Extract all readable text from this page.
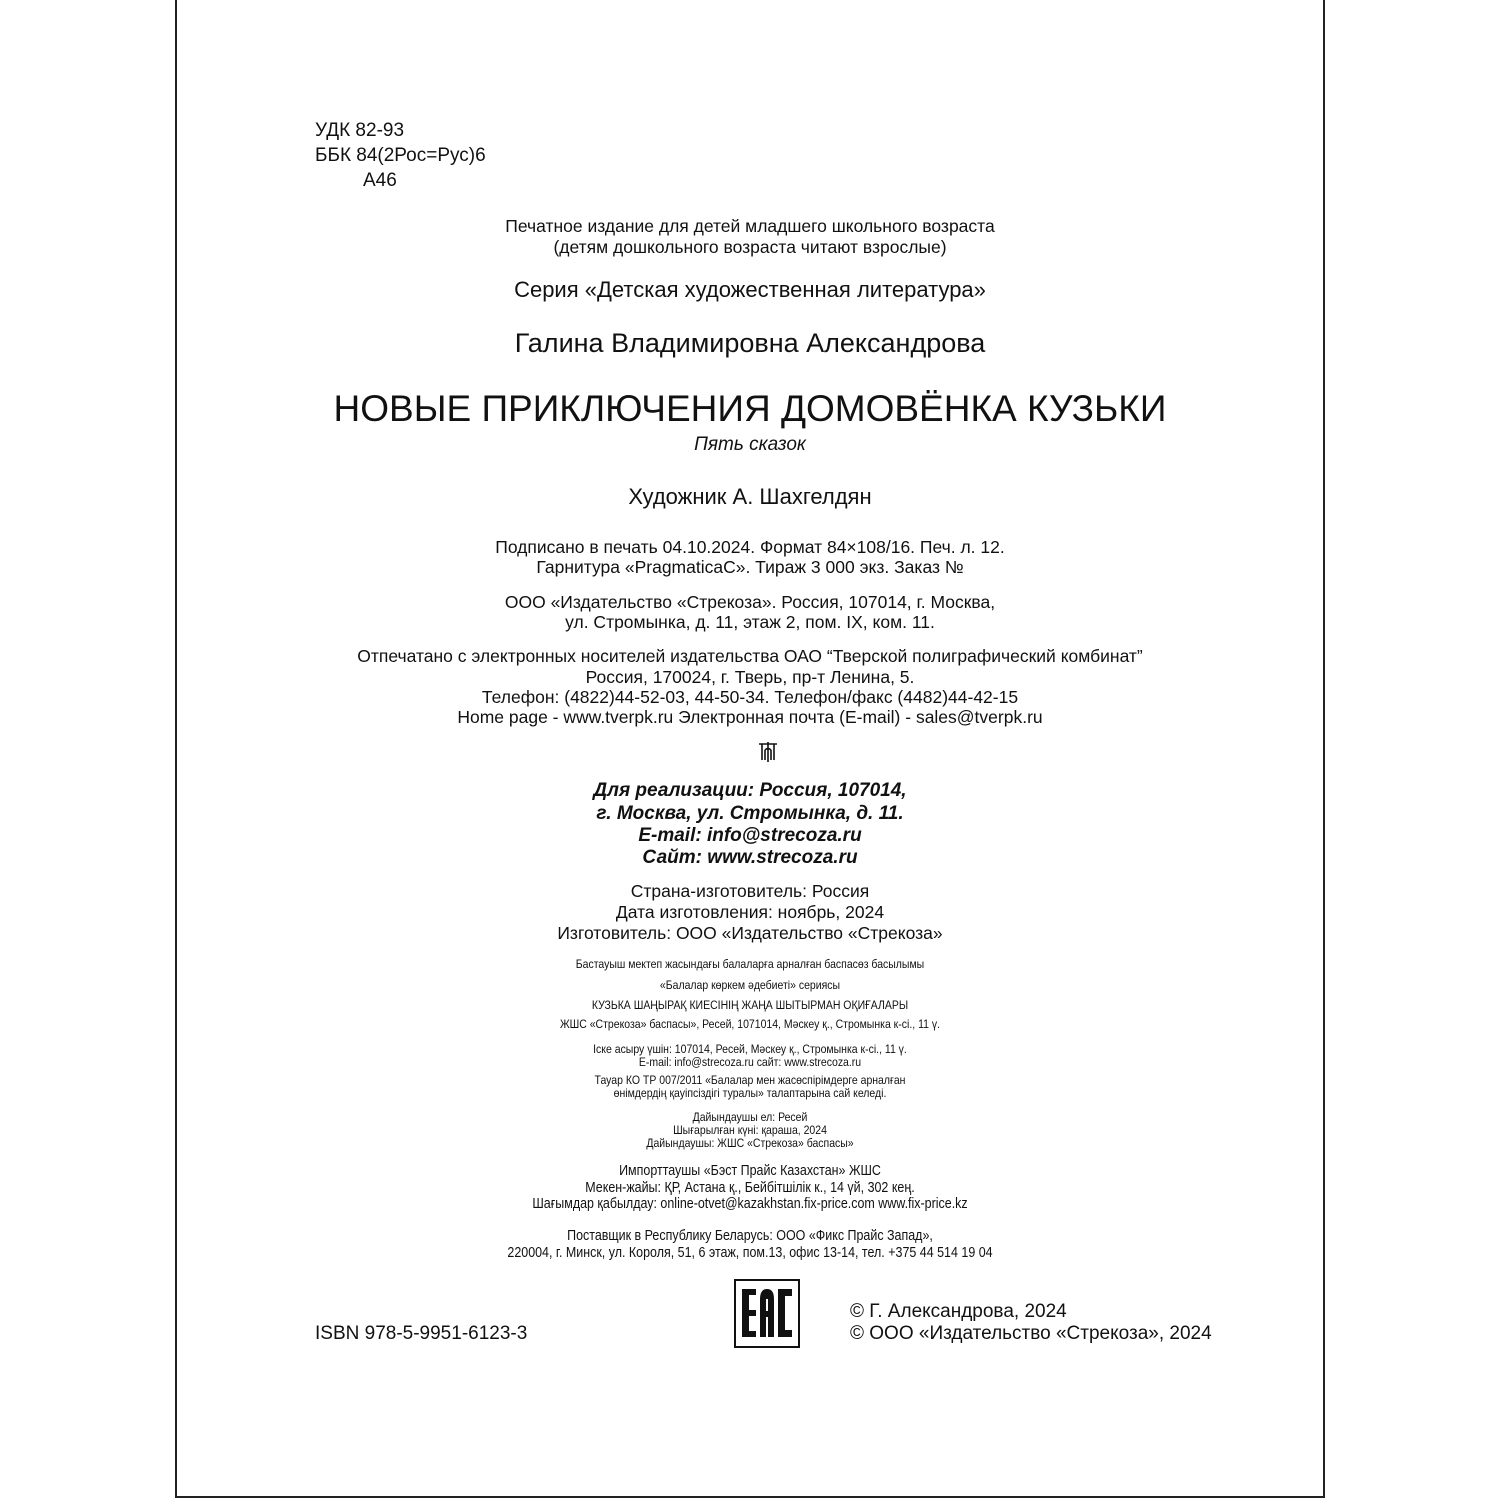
УДК 82-93
ББК 84(2Рос=Рус)6
А46
Печатное издание для детей младшего школьного возраста
(детям дошкольного возраста читают взрослые)
Серия «Детская художественная литература»
Галина Владимировна Александрова
НОВЫЕ ПРИКЛЮЧЕНИЯ ДОМОВЁНКА КУЗЬКИ
Пять сказок
Художник А. Шахгелдян
Подписано в печать 04.10.2024. Формат 84×108/16. Печ. л. 12.
Гарнитура «PragmaticaC». Тираж 3 000 экз. Заказ №
ООО «Издательство «Стрекоза». Россия, 107014, г. Москва,
ул. Стромынка, д. 11, этаж 2, пом. IX, ком. 11.
Отпечатано с электронных носителей издательства ОАО “Тверской полиграфический комбинат”
Россия, 170024, г. Тверь, пр-т Ленина, 5.
Телефон: (4822)44-52-03, 44-50-34. Телефон/факс (4482)44-42-15
Home page - www.tverpk.ru Электронная почта (E-mail) - sales@tverpk.ru
Для реализации: Россия, 107014,
г. Москва, ул. Стромынка, д. 11.
E-mail: info@strecoza.ru
Сайт: www.strecoza.ru
Страна-изготовитель: Россия
Дата изготовления: ноябрь, 2024
Изготовитель: ООО «Издательство «Стрекоза»
Бастауыш мектеп жасындағы балаларға арналған баспасөз басылымы
«Балалар көркем әдебиеті» сериясы
КУЗЬКА ШАҢЫРАҚ КИЕСІНІҢ ЖАҢА ШЫТЫРМАН ОҚИҒАЛАРЫ
ЖШС «Стрекоза» баспасы», Ресей, 1071014, Мәскеу қ., Стромынка к-сі., 11 ү.
Іске асыру үшін: 107014, Ресей, Мәскеу қ., Стромынка к-сі., 11 ү.
E-mail: info@strecoza.ru сайт: www.strecoza.ru
Тауар КО ТР 007/2011 «Балалар мен жасөспірімдерге арналған
өнімдердің қауіпсіздігі туралы» талаптарына сай келеді.
Дайындаушы ел: Ресей
Шығарылған күні: қараша, 2024
Дайындаушы: ЖШС «Стрекоза» баспасы»
Импорттаушы «Бэст Прайс Казахстан» ЖШС
Мекен-жайы: ҚР, Астана қ., Бейбітшілік к., 14 үй, 302 кең.
Шағымдар қабылдау: online-otvet@kazakhstan.fix-price.com www.fix-price.kz
Поставщик в Республику Беларусь: ООО «Фикс Прайс Запад»,
220004, г. Минск, ул. Короля, 51, 6 этаж, пом.13, офис 13-14, тел. +375 44 514 19 04
ISBN 978-5-9951-6123-3
© Г. Александрова, 2024
© ООО «Издательство «Стрекоза», 2024
